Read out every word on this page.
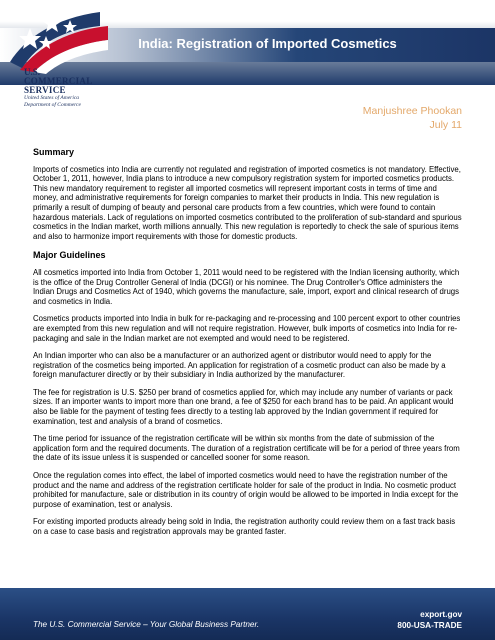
U.S.
COMMERCIAL
SERVICE
United States of America
Department of Commerce
India: Registration of Imported Cosmetics
Manjushree Phookan
July 11
Summary

Imports of cosmetics into India are currently not regulated and registration of imported cosmetics is not mandatory. Effective, October 1, 2011, however, India plans to introduce a new compulsory registration system for imported cosmetics products. This new mandatory requirement to register all imported cosmetics will represent important costs in terms of time and money, and administrative requirements for foreign companies to market their products in India. This new regulation is primarily a result of dumping of beauty and personal care products from a few countries, which were found to contain hazardous materials. Lack of regulations on imported cosmetics contributed to the proliferation of sub-standard and spurious cosmetics in the Indian market, worth millions annually. This new regulation is reportedly to check the sale of spurious items and also to harmonize import requirements with those for domestic products.

Major Guidelines

All cosmetics imported into India from October 1, 2011 would need to be registered with the Indian licensing authority, which is the office of the Drug Controller General of India (DCGI) or his nominee. The Drug Controller's Office administers the Indian Drugs and Cosmetics Act of 1940, which governs the manufacture, sale, import, export and clinical research of drugs and cosmetics in India.

Cosmetics products imported into India in bulk for re-packaging and re-processing and 100 percent export to other countries are exempted from this new regulation and will not require registration. However, bulk imports of cosmetics into India for re-packaging and sale in the Indian market are not exempted and would need to be registered.

An Indian importer who can also be a manufacturer or an authorized agent or distributor would need to apply for the registration of the cosmetics being imported. An application for registration of a cosmetic product can also be made by a foreign manufacturer directly or by their subsidiary in India authorized by the manufacturer.

The fee for registration is U.S. $250 per brand of cosmetics applied for, which may include any number of variants or pack sizes. If an importer wants to import more than one brand, a fee of $250 for each brand has to be paid. An applicant would also be liable for the payment of testing fees directly to a testing lab approved by the Indian government if required for examination, test and analysis of a brand of cosmetics.

The time period for issuance of the registration certificate will be within six months from the date of submission of the application form and the required documents. The duration of a registration certificate will be for a period of three years from the date of its issue unless it is suspended or cancelled sooner for some reason.

Once the regulation comes into effect, the label of imported cosmetics would need to have the registration number of the product and the name and address of the registration certificate holder for sale of the product in India. No cosmetic product prohibited for manufacture, sale or distribution in its country of origin would be allowed to be imported in India except for the purpose of examination, test or analysis.

For existing imported products already being sold in India, the registration authority could review them on a fast track basis on a case to case basis and registration approvals may be granted faster.

The U.S. Commercial Service – Your Global Business Partner.
export.gov
800-USA-TRADE
